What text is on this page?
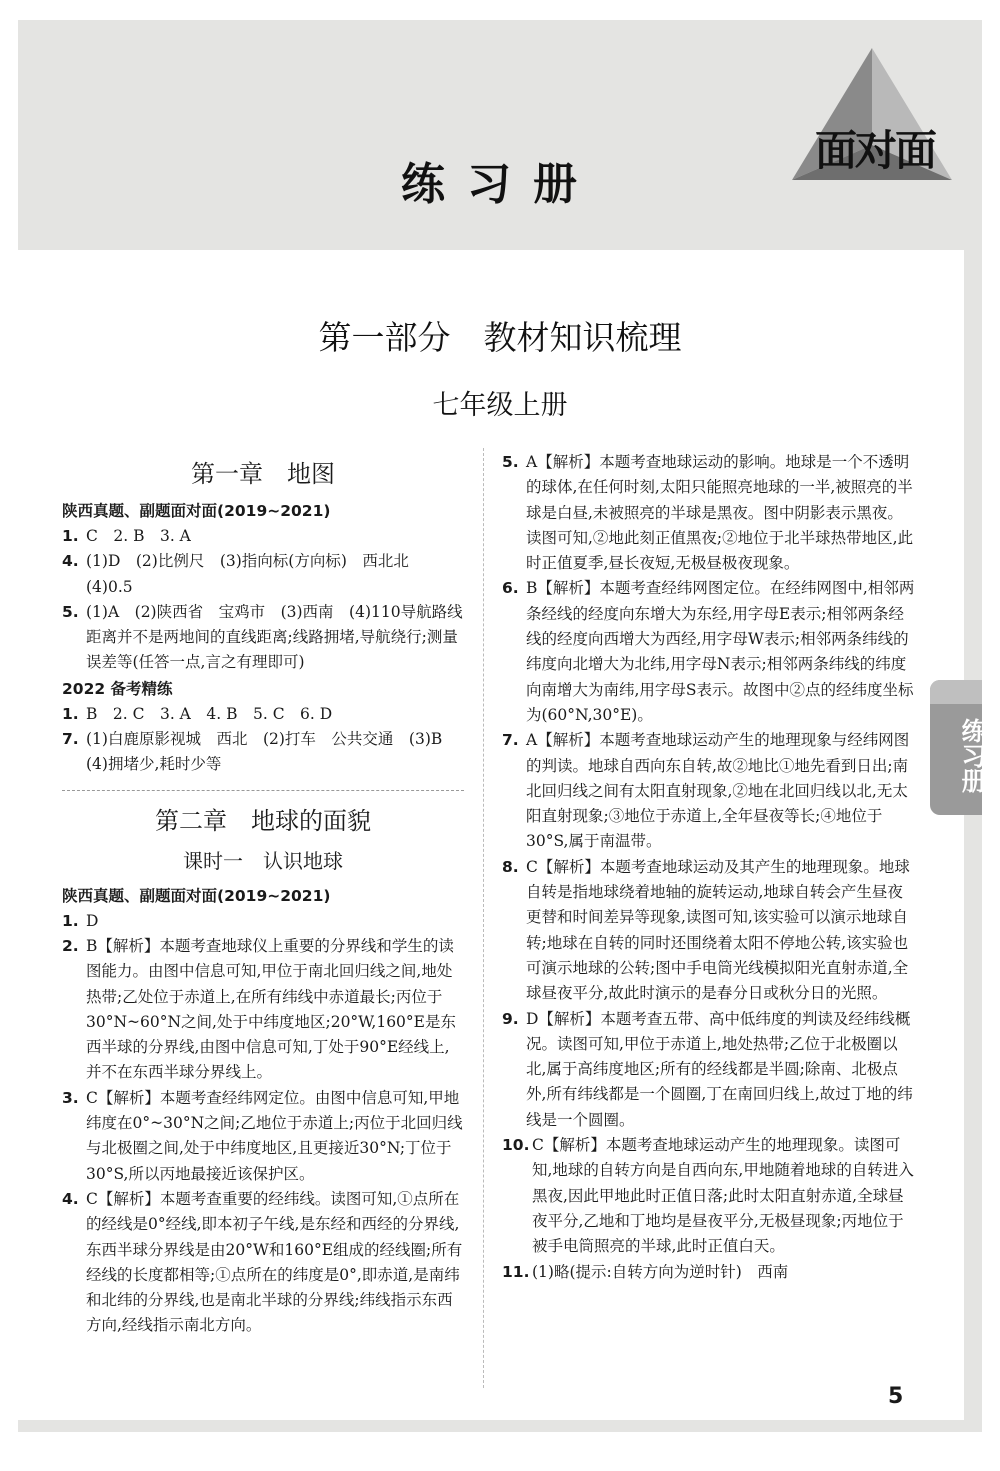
练习册
面对面
练习册
第一部分　教材知识梳理
七年级上册
第一章　地图
陕西真题、副题面对面(2019~2021)
1. C　2. B　3. A
4. (1)D　(2)比例尺　(3)指向标(方向标)　西北北　(4)0.5
5. (1)A　(2)陕西省　宝鸡市　(3)西南　(4)110导航路线距离并不是两地间的直线距离;线路拥堵,导航绕行;测量误差等(任答一点,言之有理即可)
2022 备考精练
1. B　2. C　3. A　4. B　5. C　6. D
7. (1)白鹿原影视城　西北　(2)打车　公共交通　(3)B　(4)拥堵少,耗时少等
第二章　地球的面貌
课时一　认识地球
陕西真题、副题面对面(2019~2021)
1. D
2. B【解析】本题考查地球仪上重要的分界线和学生的读图能力。由图中信息可知,甲位于南北回归线之间,地处热带;乙处位于赤道上,在所有纬线中赤道最长;丙位于30°N~60°N之间,处于中纬度地区;20°W,160°E是东西半球的分界线,由图中信息可知,丁处于90°E经线上,并不在东西半球分界线上。
3. C【解析】本题考查经纬网定位。由图中信息可知,甲地纬度在0°~30°N之间;乙地位于赤道上;丙位于北回归线与北极圈之间,处于中纬度地区,且更接近30°N;丁位于30°S,所以丙地最接近该保护区。
4. C【解析】本题考查重要的经纬线。读图可知,①点所在的经线是0°经线,即本初子午线,是东经和西经的分界线,东西半球分界线是由20°W和160°E组成的经线圈;所有经线的长度都相等;①点所在的纬度是0°,即赤道,是南纬和北纬的分界线,也是南北半球的分界线;纬线指示东西方向,经线指示南北方向。
5. A【解析】本题考查地球运动的影响。地球是一个不透明的球体,在任何时刻,太阳只能照亮地球的一半,被照亮的半球是白昼,未被照亮的半球是黑夜。图中阴影表示黑夜。读图可知,②地此刻正值黑夜;②地位于北半球热带地区,此时正值夏季,昼长夜短,无极昼极夜现象。
6. B【解析】本题考查经纬网图定位。在经纬网图中,相邻两条经线的经度向东增大为东经,用字母E表示;相邻两条经线的经度向西增大为西经,用字母W表示;相邻两条纬线的纬度向北增大为北纬,用字母N表示;相邻两条纬线的纬度向南增大为南纬,用字母S表示。故图中②点的经纬度坐标为(60°N,30°E)。
7. A【解析】本题考查地球运动产生的地理现象与经纬网图的判读。地球自西向东自转,故②地比①地先看到日出;南北回归线之间有太阳直射现象,②地在北回归线以北,无太阳直射现象;③地位于赤道上,全年昼夜等长;④地位于30°S,属于南温带。
8. C【解析】本题考查地球运动及其产生的地理现象。地球自转是指地球绕着地轴的旋转运动,地球自转会产生昼夜更替和时间差异等现象,读图可知,该实验可以演示地球自转;地球在自转的同时还围绕着太阳不停地公转,该实验也可演示地球的公转;图中手电筒光线模拟阳光直射赤道,全球昼夜平分,故此时演示的是春分日或秋分日的光照。
9. D【解析】本题考查五带、高中低纬度的判读及经纬线概况。读图可知,甲位于赤道上,地处热带;乙位于北极圈以北,属于高纬度地区;所有的经线都是半圆;除南、北极点外,所有纬线都是一个圆圈,丁在南回归线上,故过丁地的纬线是一个圆圈。
10. C【解析】本题考查地球运动产生的地理现象。读图可知,地球的自转方向是自西向东,甲地随着地球的自转进入黑夜,因此甲地此时正值日落;此时太阳直射赤道,全球昼夜平分,乙地和丁地均是昼夜平分,无极昼现象;丙地位于被手电筒照亮的半球,此时正值白天。
11. (1)略(提示:自转方向为逆时针)　西南
5
